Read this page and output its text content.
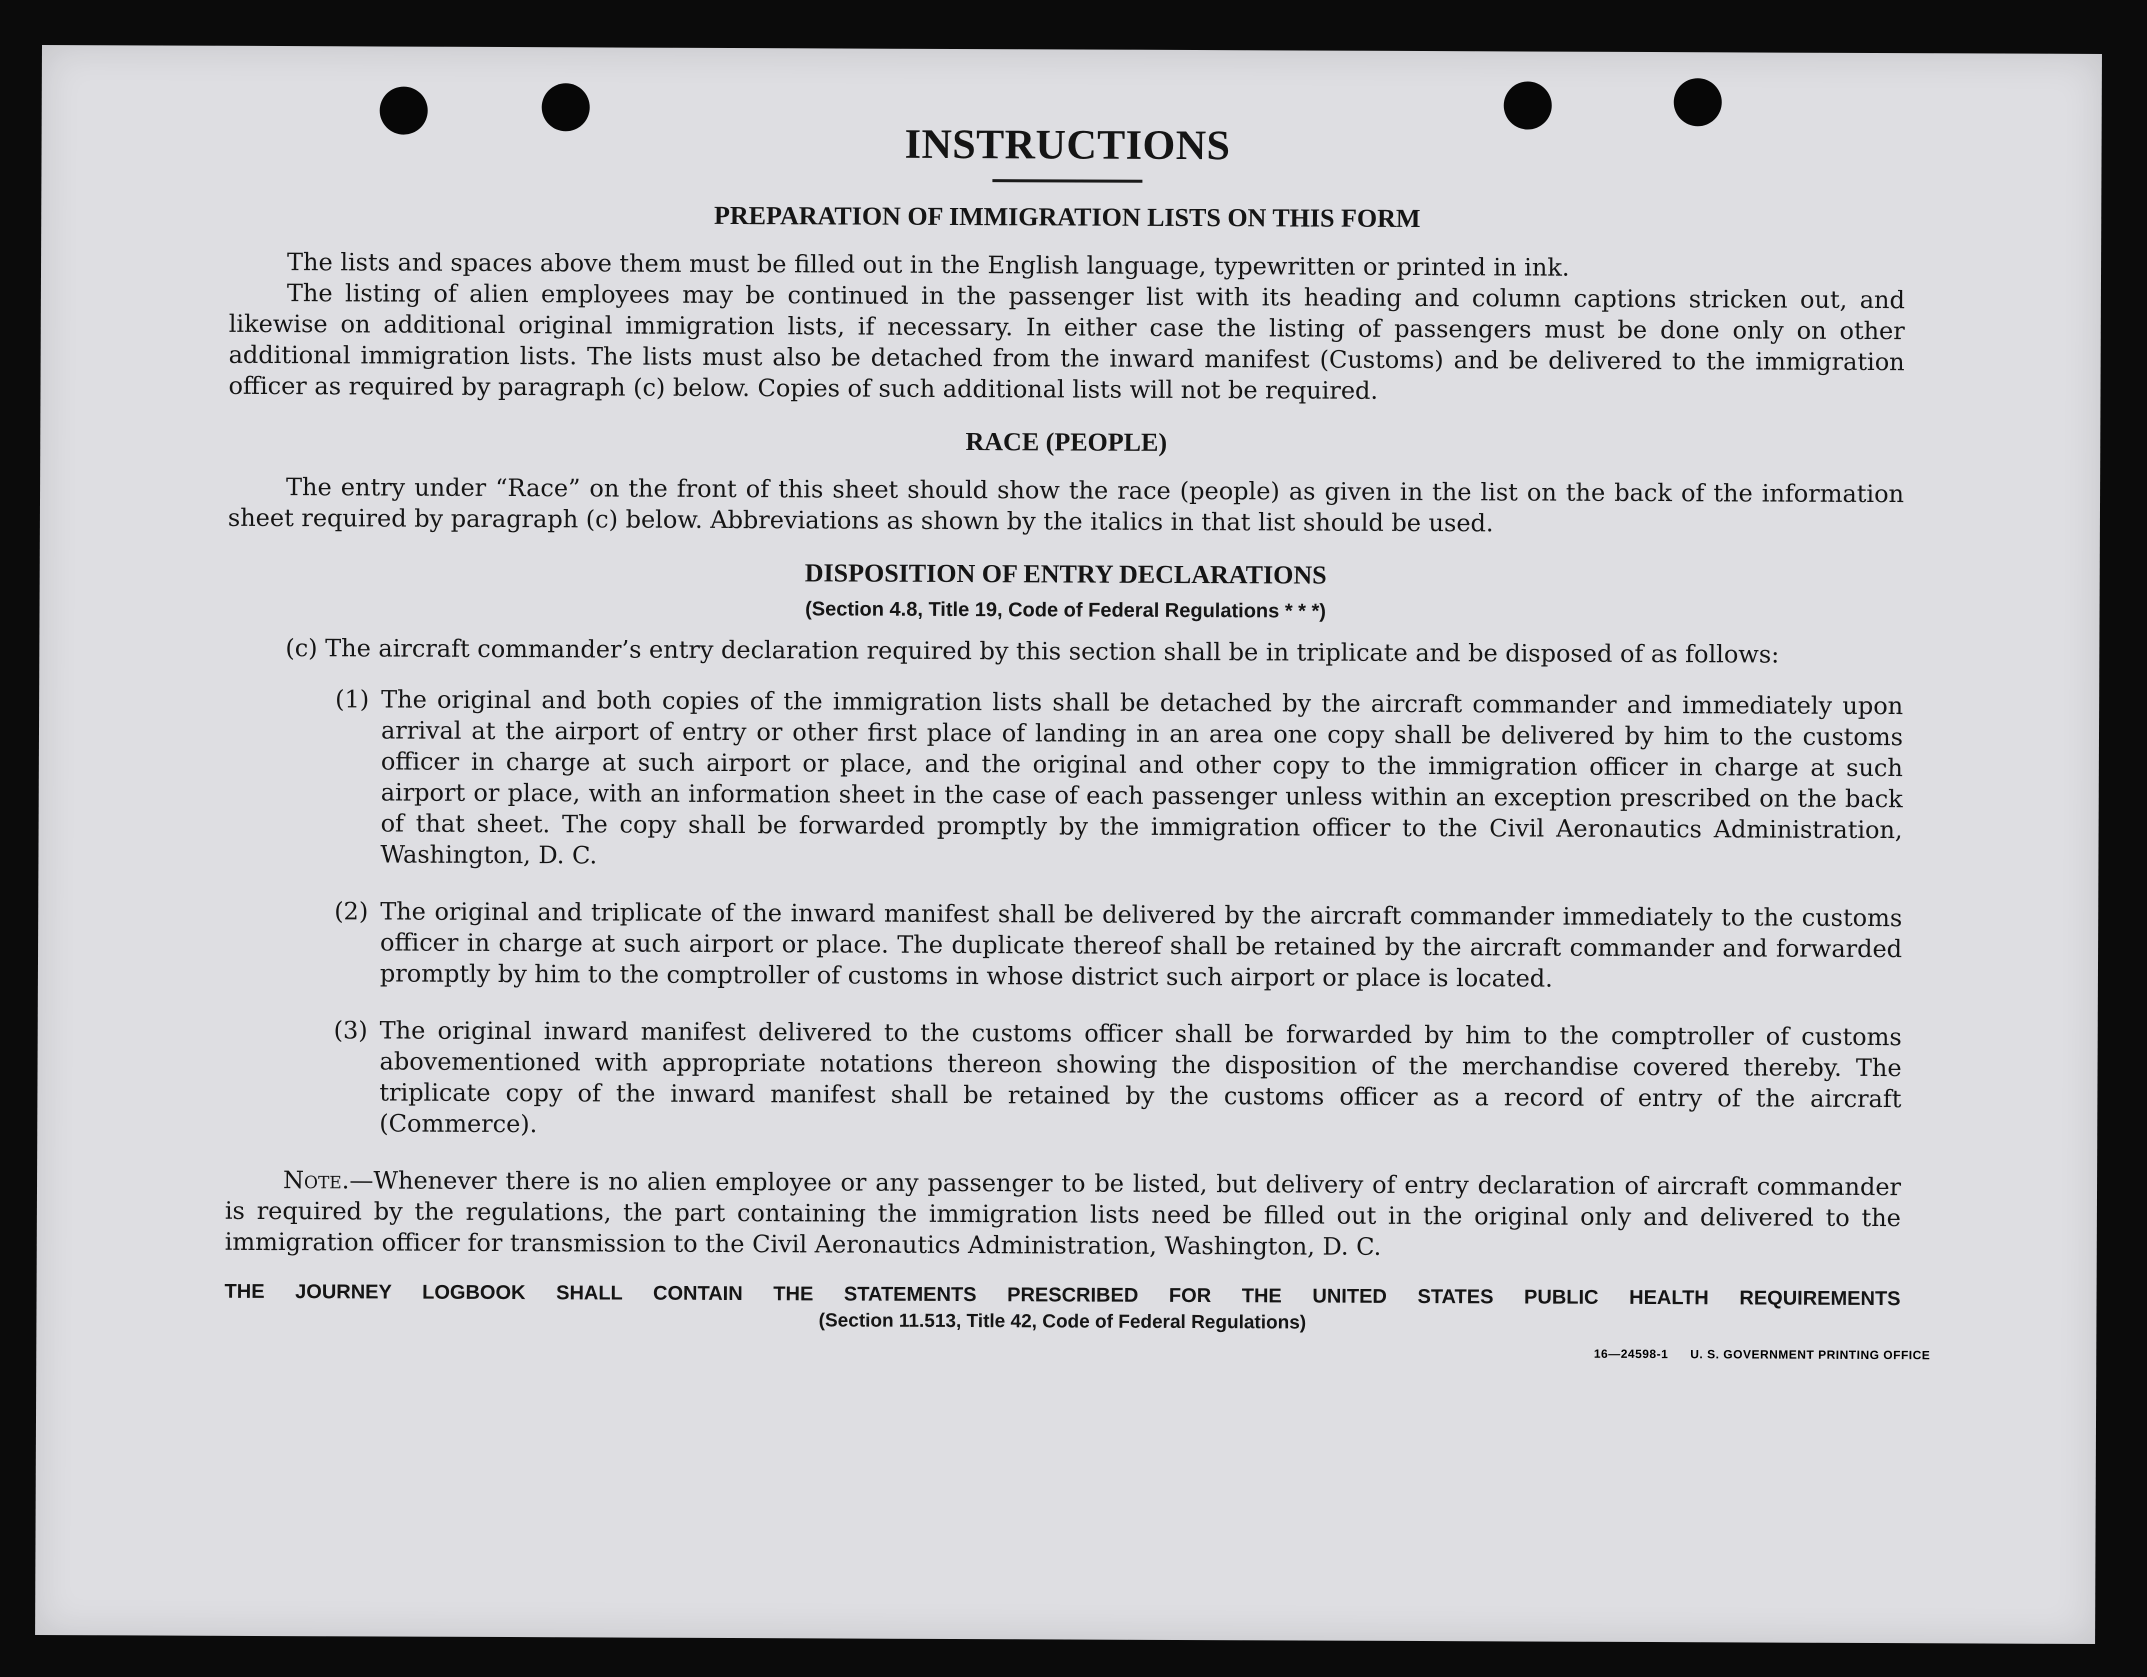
INSTRUCTIONS
PREPARATION OF IMMIGRATION LISTS ON THIS FORM

The lists and spaces above them must be filled out in the English language, typewritten or printed in ink.

The listing of alien employees may be continued in the passenger list with its heading and column captions stricken out, and likewise on additional original immigration lists, if necessary. In either case the listing of passengers must be done only on other additional immigration lists. The lists must also be detached from the inward manifest (Customs) and be delivered to the immigration officer as required by paragraph (c) below. Copies of such additional lists will not be required.

RACE (PEOPLE)

The entry under “Race” on the front of this sheet should show the race (people) as given in the list on the back of the information sheet required by paragraph (c) below. Abbreviations as shown by the italics in that list should be used.

DISPOSITION OF ENTRY DECLARATIONS
(Section 4.8, Title 19, Code of Federal Regulations * * *)

(c) The aircraft commander’s entry declaration required by this section shall be in triplicate and be disposed of as follows:

(1) The original and both copies of the immigration lists shall be detached by the aircraft commander and immediately upon arrival at the airport of entry or other first place of landing in an area one copy shall be delivered by him to the customs officer in charge at such airport or place, and the original and other copy to the immigration officer in charge at such airport or place, with an information sheet in the case of each passenger unless within an exception prescribed on the back of that sheet. The copy shall be forwarded promptly by the immigration officer to the Civil Aeronautics Administration, Washington, D. C.
(2) The original and triplicate of the inward manifest shall be delivered by the aircraft commander immediately to the customs officer in charge at such airport or place. The duplicate thereof shall be retained by the aircraft commander and forwarded promptly by him to the comptroller of customs in whose district such airport or place is located.
(3) The original inward manifest delivered to the customs officer shall be forwarded by him to the comptroller of customs abovementioned with appropriate notations thereon showing the disposition of the merchandise covered thereby. The triplicate copy of the inward manifest shall be retained by the customs officer as a record of entry of the aircraft (Commerce).

Note.—Whenever there is no alien employee or any passenger to be listed, but delivery of entry declaration of aircraft commander is required by the regulations, the part containing the immigration lists need be filled out in the original only and delivered to the immigration officer for transmission to the Civil Aeronautics Administration, Washington, D. C.

THE JOURNEY LOGBOOK SHALL CONTAIN THE STATEMENTS PRESCRIBED FOR THE UNITED STATES PUBLIC HEALTH REQUIREMENTS
(Section 11.513, Title 42, Code of Federal Regulations)
16—24598-1 U. S. GOVERNMENT PRINTING OFFICE
